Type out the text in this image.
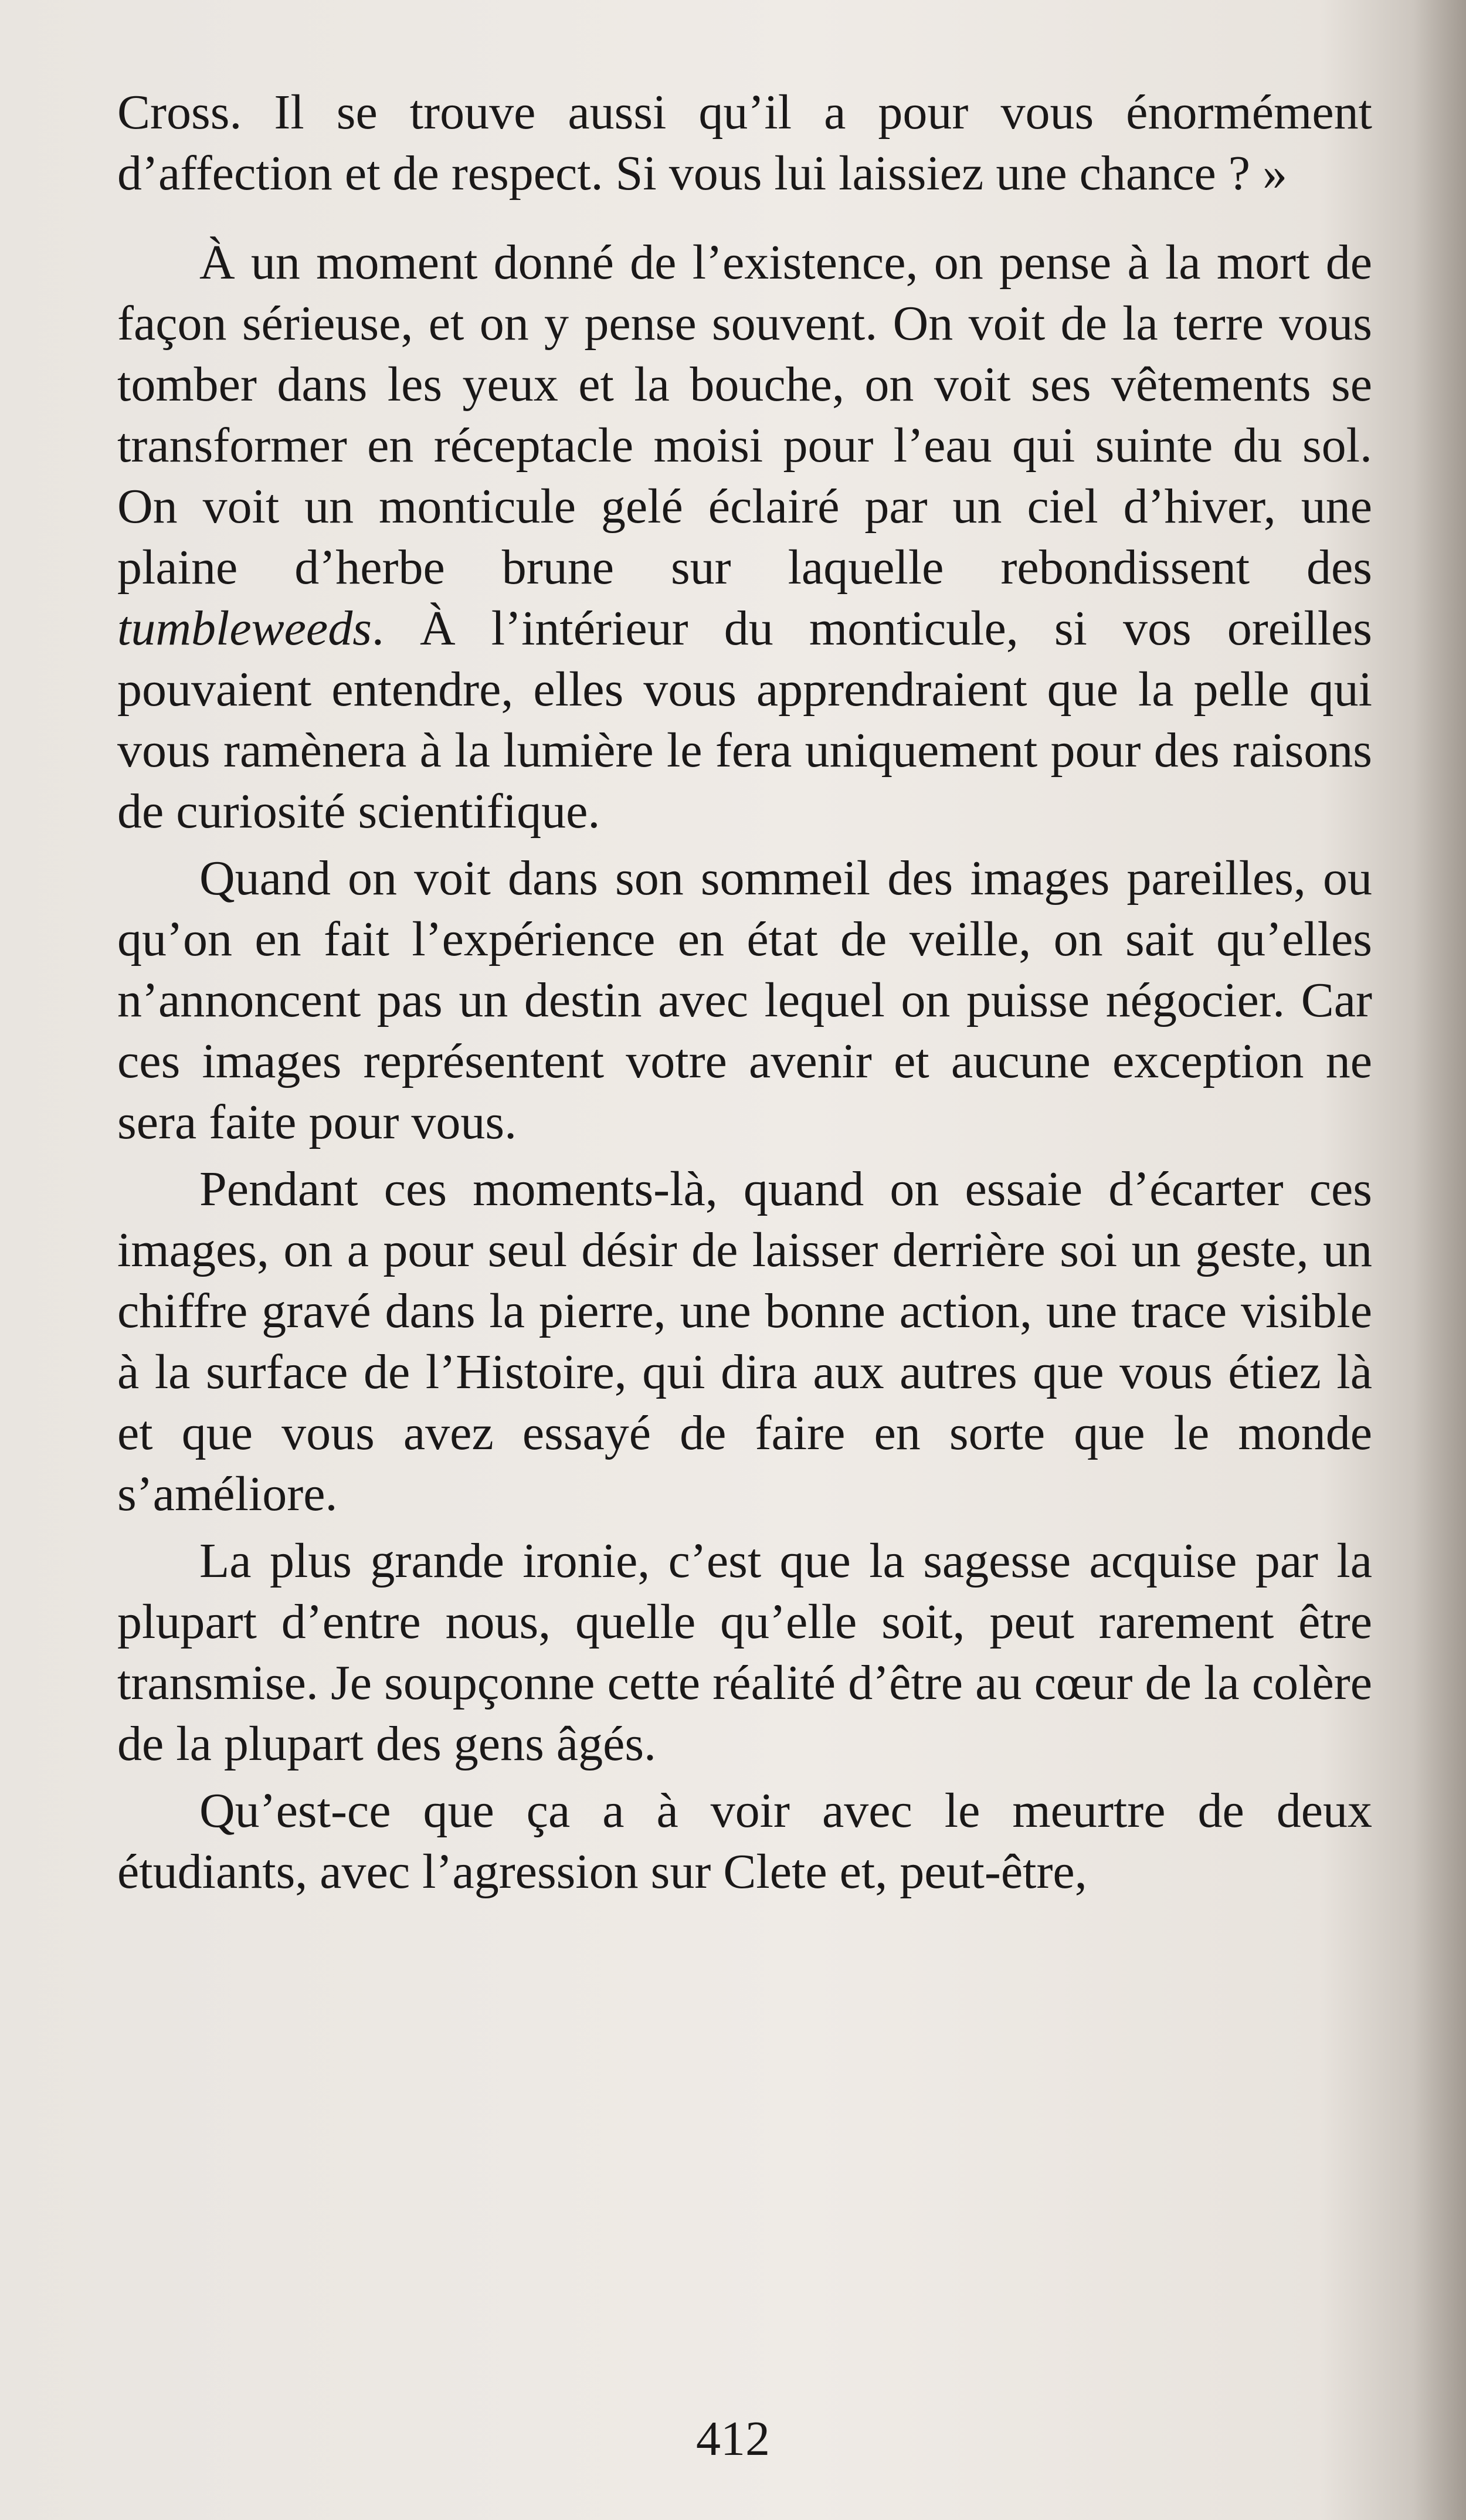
Cross. Il se trouve aussi qu’il a pour vous énormément d’affection et de respect. Si vous lui laissiez une chance ? »

À un moment donné de l’existence, on pense à la mort de façon sérieuse, et on y pense souvent. On voit de la terre vous tomber dans les yeux et la bouche, on voit ses vêtements se transformer en réceptacle moisi pour l’eau qui suinte du sol. On voit un monticule gelé éclairé par un ciel d’hiver, une plaine d’herbe brune sur laquelle rebondissent des tumbleweeds. À l’intérieur du monticule, si vos oreilles pouvaient entendre, elles vous apprendraient que la pelle qui vous ramènera à la lumière le fera uniquement pour des raisons de curiosité scientifique.

Quand on voit dans son sommeil des images pareilles, ou qu’on en fait l’expérience en état de veille, on sait qu’elles n’annoncent pas un destin avec lequel on puisse négocier. Car ces images représentent votre avenir et aucune exception ne sera faite pour vous.

Pendant ces moments-là, quand on essaie d’écarter ces images, on a pour seul désir de laisser derrière soi un geste, un chiffre gravé dans la pierre, une bonne action, une trace visible à la surface de l’Histoire, qui dira aux autres que vous étiez là et que vous avez essayé de faire en sorte que le monde s’améliore.

La plus grande ironie, c’est que la sagesse acquise par la plupart d’entre nous, quelle qu’elle soit, peut rarement être transmise. Je soupçonne cette réalité d’être au cœur de la colère de la plupart des gens âgés.

Qu’est-ce que ça a à voir avec le meurtre de deux étudiants, avec l’agression sur Clete et, peut-être,

412
